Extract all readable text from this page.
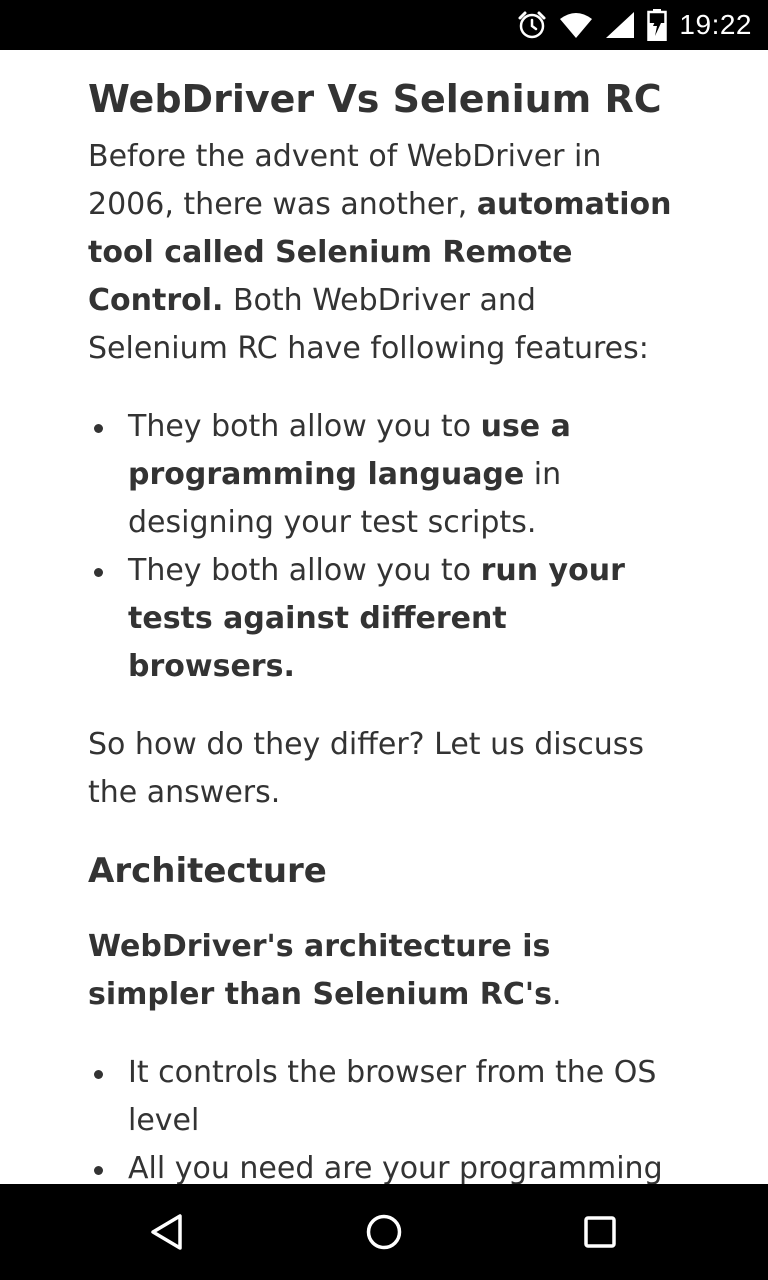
19:22
WebDriver Vs Selenium RC

Before the advent of WebDriver in 2006, there was another, automation tool called Selenium Remote Control. Both WebDriver and Selenium RC have following features:

They both allow you to use a programming language in designing your test scripts.
They both allow you to run your tests against different browsers.

So how do they differ? Let us discuss the answers.

Architecture

WebDriver's architecture is simpler than Selenium RC's.

It controls the browser from the OS level
All you need are your programming
